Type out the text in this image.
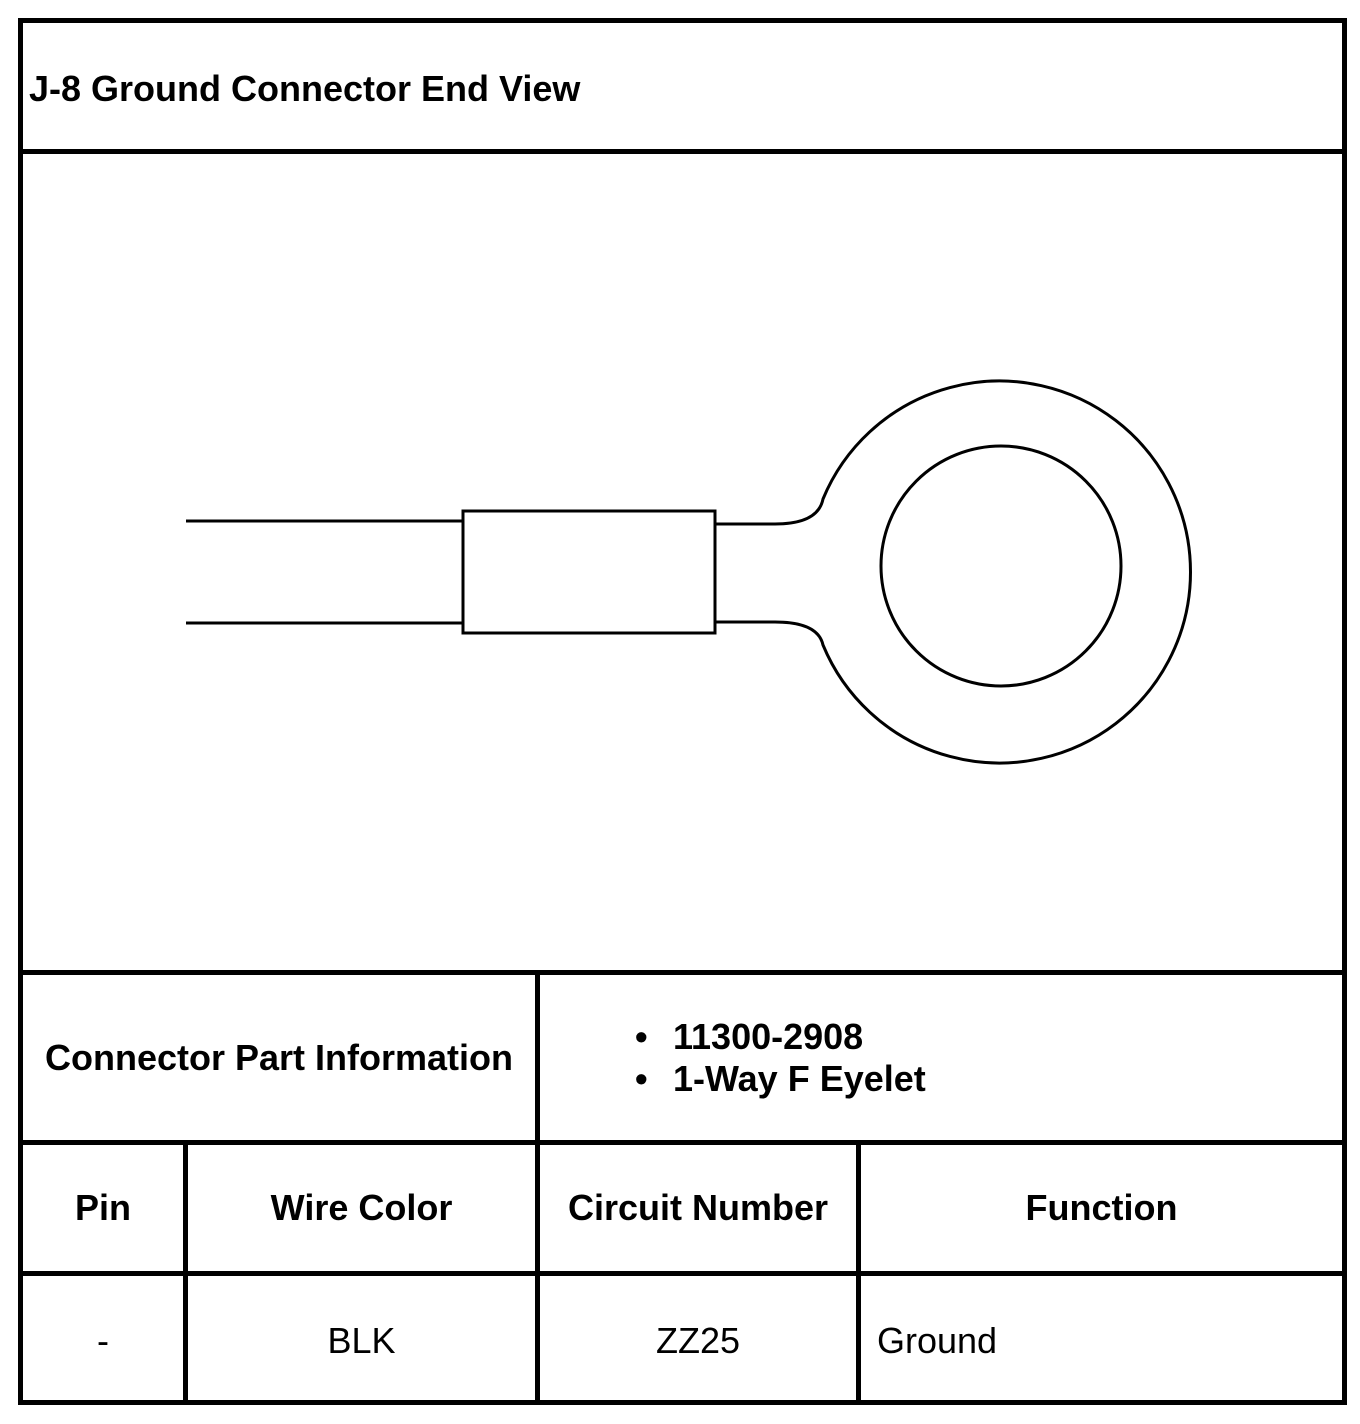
J-8 Ground Connector End View
Connector Part Information
• 11300-2908
• 1-Way F Eyelet
Pin	Wire Color	Circuit Number	Function
-	BLK	ZZ25	Ground
